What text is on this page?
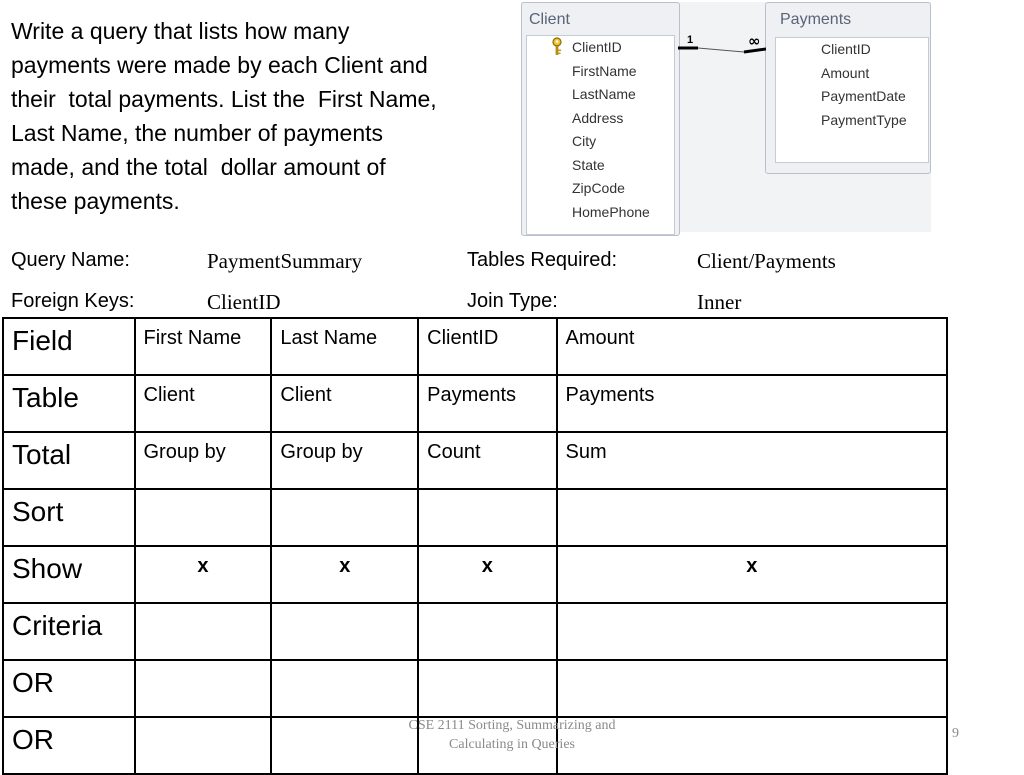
Write a query that lists how many
payments were made by each Client and
their  total payments. List the  First Name,
Last Name, the number of payments
made, and the total  dollar amount of
these payments.
Client
ClientID
FirstName
LastName
Address
City
State
ZipCode
HomePhone
Payments
ClientID
Amount
PaymentDate
PaymentType
1	∞
Query Name:	PaymentSummary	Tables Required:	Client/Payments
Foreign Keys:	ClientID	Join Type:	Inner
Field	First Name	Last Name	ClientID	Amount
Table	Client	Client	Payments	Payments
Total	Group by	Group by	Count	Sum
Sort				
Show	x	x	x	x
Criteria				
OR				
OR					CSE 2111 Sorting, Summarizing and
Calculating in Queries
9
